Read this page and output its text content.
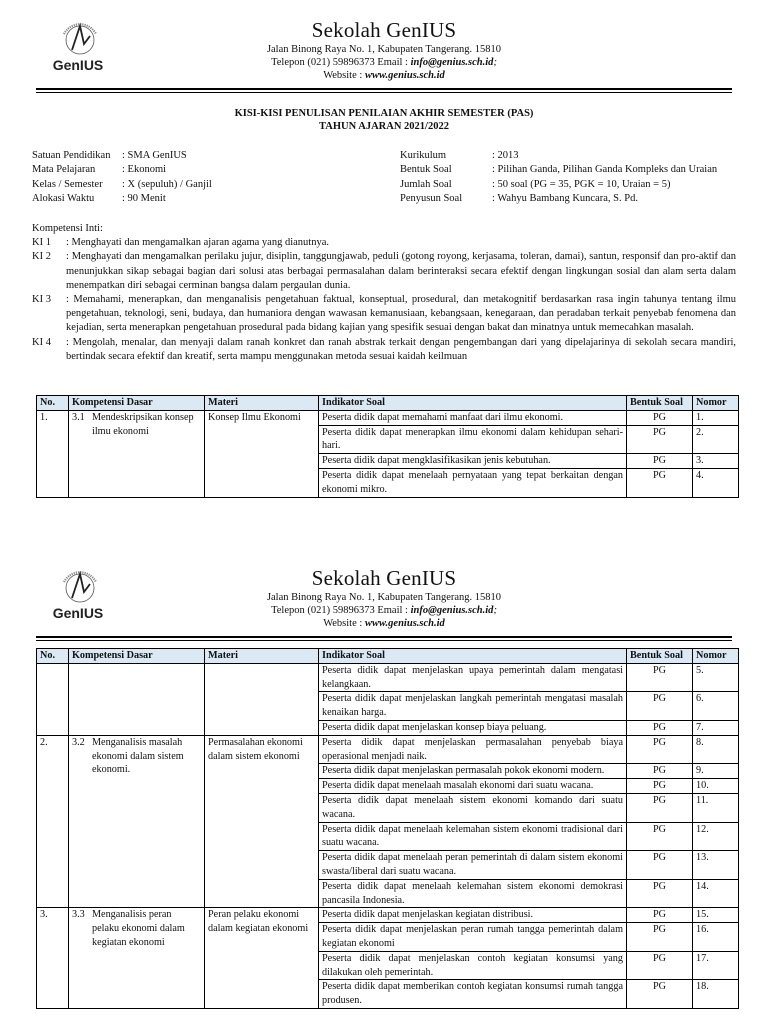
GenIUS
Sekolah GenIUS
Jalan Binong Raya No. 1, Kabupaten Tangerang. 15810
Telepon (021) 59896373 Email : info@genius.sch.id;
Website : www.genius.sch.id
KISI-KISI PENULISAN PENILAIAN AKHIR SEMESTER (PAS)
TAHUN AJARAN 2021/2022
Satuan Pendidikan	: SMA GenIUS
Mata Pelajaran	: Ekonomi
Kelas / Semester	: X (sepuluh) / Ganjil
Alokasi Waktu	: 90 Menit
Kurikulum	: 2013
Bentuk Soal	: Pilihan Ganda, Pilihan Ganda Kompleks dan Uraian
Jumlah Soal	: 50 soal (PG = 35, PGK = 10, Uraian = 5)
Penyusun Soal	: Wahyu Bambang Kuncara, S. Pd.
Kompetensi Inti:
KI 1	: Menghayati dan mengamalkan ajaran agama yang dianutnya.
KI 2	: Menghayati dan mengamalkan perilaku jujur, disiplin, tanggungjawab, peduli (gotong royong, kerjasama, toleran, damai), santun, responsif dan pro-aktif dan menunjukkan sikap sebagai bagian dari solusi atas berbagai permasalahan dalam berinteraksi secara efektif dengan lingkungan sosial dan alam serta dalam menempatkan diri sebagai cerminan bangsa dalam pergaulan dunia.
KI 3	: Memahami, menerapkan, dan menganalisis pengetahuan faktual, konseptual, prosedural, dan metakognitif berdasarkan rasa ingin tahunya tentang ilmu pengetahuan, teknologi, seni, budaya, dan humaniora dengan wawasan kemanusiaan, kebangsaan, kenegaraan, dan peradaban terkait penyebab fenomena dan kejadian, serta menerapkan pengetahuan prosedural pada bidang kajian yang spesifik sesuai dengan bakat dan minatnya untuk memecahkan masalah.
KI 4	: Mengolah, menalar, dan menyaji dalam ranah konkret dan ranah abstrak terkait dengan pengembangan dari yang dipelajarinya di sekolah secara mandiri, bertindak secara efektif dan kreatif, serta mampu menggunakan metoda sesuai kaidah keilmuan
No.	Kompetensi Dasar	Materi	Indikator Soal	Bentuk Soal	Nomor
1.	3.1 Mendeskripsikan konsep ilmu ekonomi	Konsep Ilmu Ekonomi	Peserta didik dapat memahami manfaat dari ilmu ekonomi.	PG	1.
			Peserta didik dapat menerapkan ilmu ekonomi dalam kehidupan sehari-hari.	PG	2.
			Peserta didik dapat mengklasifikasikan jenis kebutuhan.	PG	3.
			Peserta didik dapat menelaah pernyataan yang tepat berkaitan dengan ekonomi mikro.	PG	4.
GenIUS
Sekolah GenIUS
Jalan Binong Raya No. 1, Kabupaten Tangerang. 15810
Telepon (021) 59896373 Email : info@genius.sch.id;
Website : www.genius.sch.id
No.	Kompetensi Dasar	Materi	Indikator Soal	Bentuk Soal	Nomor
			Peserta didik dapat menjelaskan upaya pemerintah dalam mengatasi kelangkaan.	PG	5.
			Peserta didik dapat menjelaskan langkah pemerintah mengatasi masalah kenaikan harga.	PG	6.
			Peserta didik dapat menjelaskan konsep biaya peluang.	PG	7.
2.	3.2 Menganalisis masalah ekonomi dalam sistem ekonomi.	Permasalahan ekonomi dalam sistem ekonomi	Peserta didik dapat menjelaskan permasalahan penyebab biaya operasional menjadi naik.	PG	8.
			Peserta didik dapat menjelaskan permasalah pokok ekonomi modern.	PG	9.
			Peserta didik dapat menelaah masalah ekonomi dari suatu wacana.	PG	10.
			Peserta didik dapat menelaah sistem ekonomi komando dari suatu wacana.	PG	11.
			Peserta didik dapat menelaah kelemahan sistem ekonomi tradisional dari suatu wacana.	PG	12.
			Peserta didik dapat menelaah peran pemerintah di dalam sistem ekonomi swasta/liberal dari suatu wacana.	PG	13.
			Peserta didik dapat menelaah kelemahan sistem ekonomi demokrasi pancasila Indonesia.	PG	14.
3.	3.3 Menganalisis peran pelaku ekonomi dalam kegiatan ekonomi	Peran pelaku ekonomi dalam kegiatan ekonomi	Peserta didik dapat menjelaskan kegiatan distribusi.	PG	15.
			Peserta didik dapat menjelaskan peran rumah tangga pemerintah dalam kegiatan ekonomi	PG	16.
			Peserta didik dapat menjelaskan contoh kegiatan konsumsi yang dilakukan oleh pemerintah.	PG	17.
			Peserta didik dapat memberikan contoh kegiatan konsumsi rumah tangga produsen.	PG	18.
